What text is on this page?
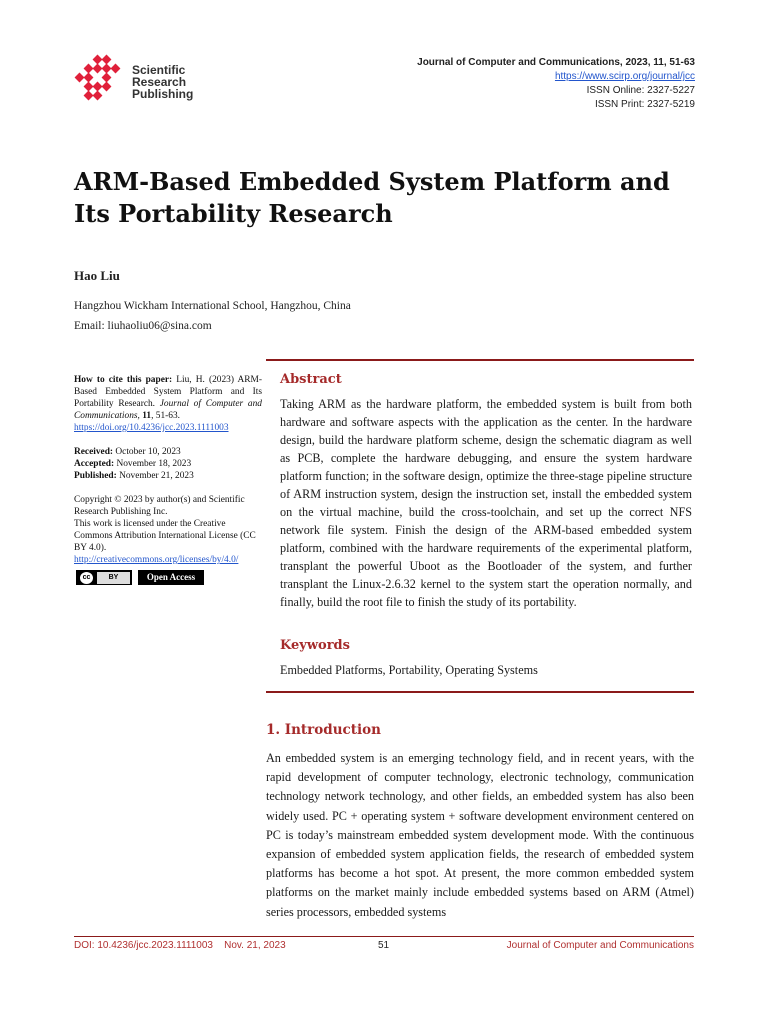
Scientific
Research
Publishing
Journal of Computer and Communications, 2023, 11, 51-63
https://www.scirp.org/journal/jcc
ISSN Online: 2327-5227
ISSN Print: 2327-5219
ARM-Based Embedded System Platform and Its Portability Research
Hao Liu
Hangzhou Wickham International School, Hangzhou, China
Email: liuhaoliu06@sina.com
How to cite this paper: Liu, H. (2023) ARM-Based Embedded System Platform and Its Portability Research. Journal of Computer and Communications, 11, 51-63.
https://doi.org/10.4236/jcc.2023.1111003
Received: October 10, 2023
Accepted: November 18, 2023
Published: November 21, 2023
Copyright © 2023 by author(s) and Scientific Research Publishing Inc.
This work is licensed under the Creative Commons Attribution International License (CC BY 4.0).
http://creativecommons.org/licenses/by/4.0/
cc	BY	Open Access
Abstract
Taking ARM as the hardware platform, the embedded system is built from both hardware and software aspects with the application as the center. In the hardware design, build the hardware platform scheme, design the schematic diagram as well as PCB, complete the hardware debugging, and ensure the system hardware platform function; in the software design, optimize the three-stage pipeline structure of ARM instruction system, design the instruction set, install the embedded system on the virtual machine, build the cross-toolchain, and set up the correct NFS network file system. Finish the design of the ARM-based embedded system platform, combined with the hardware requirements of the experimental platform, transplant the powerful Uboot as the Bootloader of the system, and further transplant the Linux-2.6.32 kernel to the system start the operation normally, and finally, build the root file to finish the study of its portability.
Keywords
Embedded Platforms, Portability, Operating Systems
1. Introduction
An embedded system is an emerging technology field, and in recent years, with the rapid development of computer technology, electronic technology, communication technology network technology, and other fields, an embedded system has also been widely used. PC + operating system + software development environment centered on PC is today’s mainstream embedded system development mode. With the continuous expansion of embedded system application fields, the research of embedded system platforms has become a hot spot. At present, the more common embedded system platforms on the market mainly include embedded systems based on ARM (Atmel) series processors, embedded systems
DOI: 10.4236/jcc.2023.1111003 Nov. 21, 2023	51	Journal of Computer and Communications
